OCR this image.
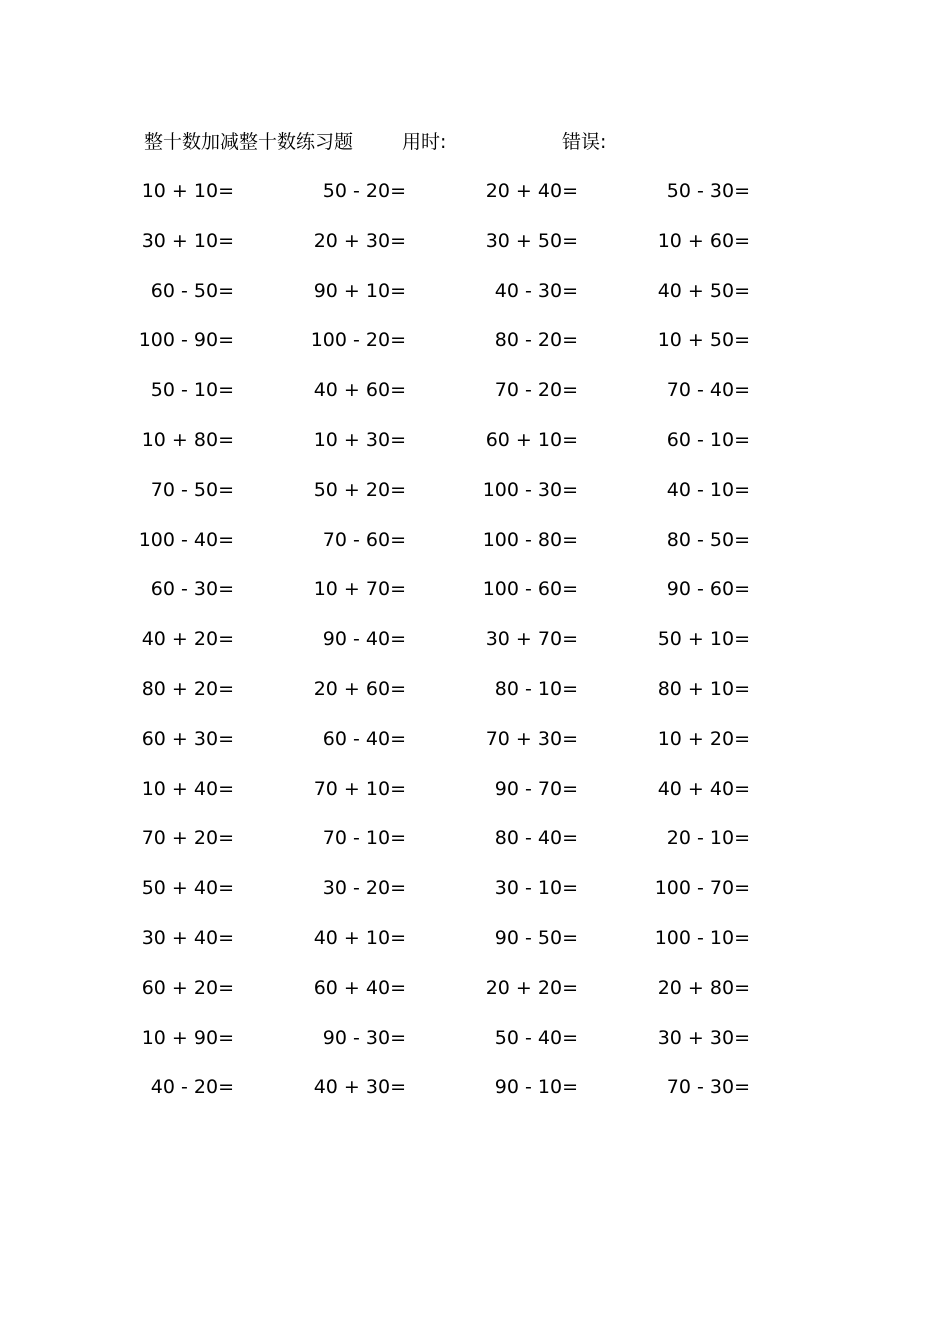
整十数加减整十数练习题	用时:	错误:
10 + 10=	50 - 20=	20 + 40=	50 - 30=
30 + 10=	20 + 30=	30 + 50=	10 + 60=
60 - 50=	90 + 10=	40 - 30=	40 + 50=
100 - 90=	100 - 20=	80 - 20=	10 + 50=
50 - 10=	40 + 60=	70 - 20=	70 - 40=
10 + 80=	10 + 30=	60 + 10=	60 - 10=
70 - 50=	50 + 20=	100 - 30=	40 - 10=
100 - 40=	70 - 60=	100 - 80=	80 - 50=
60 - 30=	10 + 70=	100 - 60=	90 - 60=
40 + 20=	90 - 40=	30 + 70=	50 + 10=
80 + 20=	20 + 60=	80 - 10=	80 + 10=
60 + 30=	60 - 40=	70 + 30=	10 + 20=
10 + 40=	70 + 10=	90 - 70=	40 + 40=
70 + 20=	70 - 10=	80 - 40=	20 - 10=
50 + 40=	30 - 20=	30 - 10=	100 - 70=
30 + 40=	40 + 10=	90 - 50=	100 - 10=
60 + 20=	60 + 40=	20 + 20=	20 + 80=
10 + 90=	90 - 30=	50 - 40=	30 + 30=
40 - 20=	40 + 30=	90 - 10=	70 - 30=
